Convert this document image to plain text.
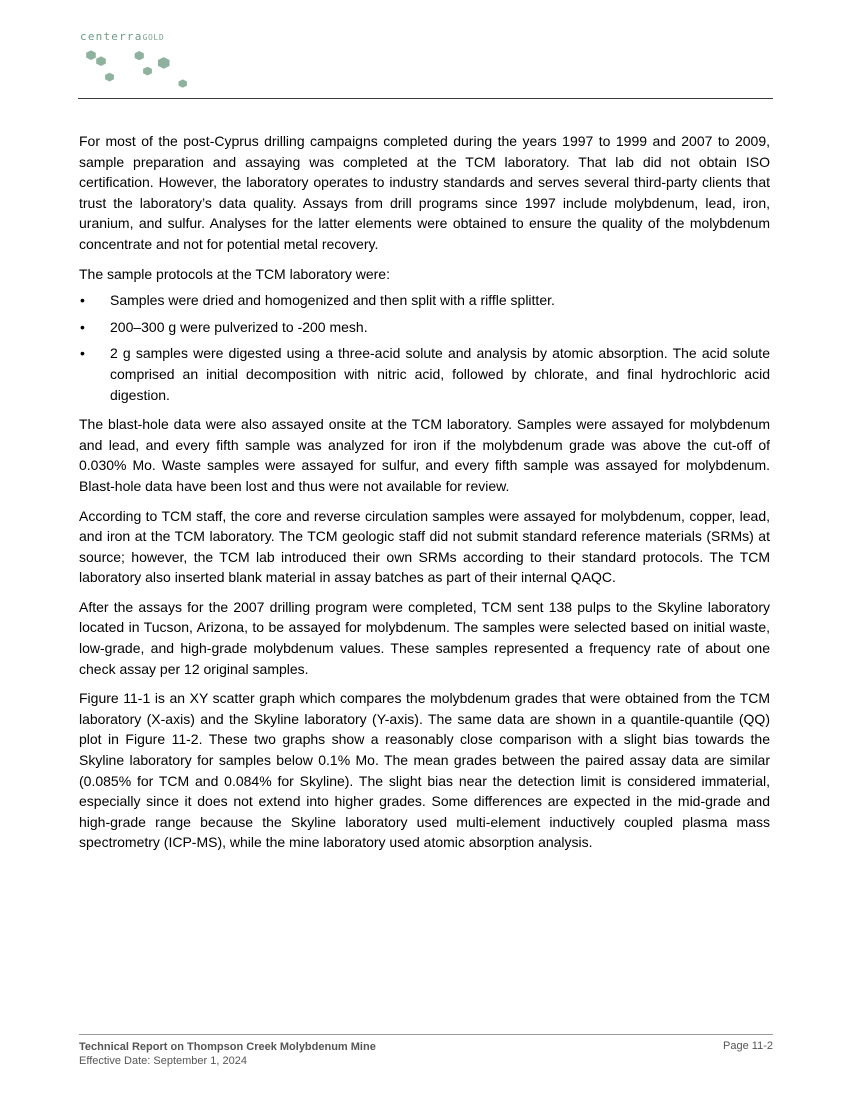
centerraGOLD

For most of the post-Cyprus drilling campaigns completed during the years 1997 to 1999 and 2007 to 2009, sample preparation and assaying was completed at the TCM laboratory. That lab did not obtain ISO certification. However, the laboratory operates to industry standards and serves several third-party clients that trust the laboratory’s data quality. Assays from drill programs since 1997 include molybdenum, lead, iron, uranium, and sulfur. Analyses for the latter elements were obtained to ensure the quality of the molybdenum concentrate and not for potential metal recovery.

The sample protocols at the TCM laboratory were:

• Samples were dried and homogenized and then split with a riffle splitter.
• 200–300 g were pulverized to -200 mesh.
• 2 g samples were digested using a three-acid solute and analysis by atomic absorption. The acid solute comprised an initial decomposition with nitric acid, followed by chlorate, and final hydrochloric acid digestion.

The blast-hole data were also assayed onsite at the TCM laboratory. Samples were assayed for molybdenum and lead, and every fifth sample was analyzed for iron if the molybdenum grade was above the cut-off of 0.030% Mo. Waste samples were assayed for sulfur, and every fifth sample was assayed for molybdenum. Blast-hole data have been lost and thus were not available for review.

According to TCM staff, the core and reverse circulation samples were assayed for molybdenum, copper, lead, and iron at the TCM laboratory. The TCM geologic staff did not submit standard reference materials (SRMs) at source; however, the TCM lab introduced their own SRMs according to their standard protocols. The TCM laboratory also inserted blank material in assay batches as part of their internal QAQC.

After the assays for the 2007 drilling program were completed, TCM sent 138 pulps to the Skyline laboratory located in Tucson, Arizona, to be assayed for molybdenum. The samples were selected based on initial waste, low-grade, and high-grade molybdenum values. These samples represented a frequency rate of about one check assay per 12 original samples.

Figure 11-1 is an XY scatter graph which compares the molybdenum grades that were obtained from the TCM laboratory (X-axis) and the Skyline laboratory (Y-axis). The same data are shown in a quantile-quantile (QQ) plot in Figure 11-2. These two graphs show a reasonably close comparison with a slight bias towards the Skyline laboratory for samples below 0.1% Mo. The mean grades between the paired assay data are similar (0.085% for TCM and 0.084% for Skyline). The slight bias near the detection limit is considered immaterial, especially since it does not extend into higher grades. Some differences are expected in the mid-grade and high-grade range because the Skyline laboratory used multi-element inductively coupled plasma mass spectrometry (ICP-MS), while the mine laboratory used atomic absorption analysis.

Technical Report on Thompson Creek Molybdenum Mine
Effective Date: September 1, 2024
Page 11-2
